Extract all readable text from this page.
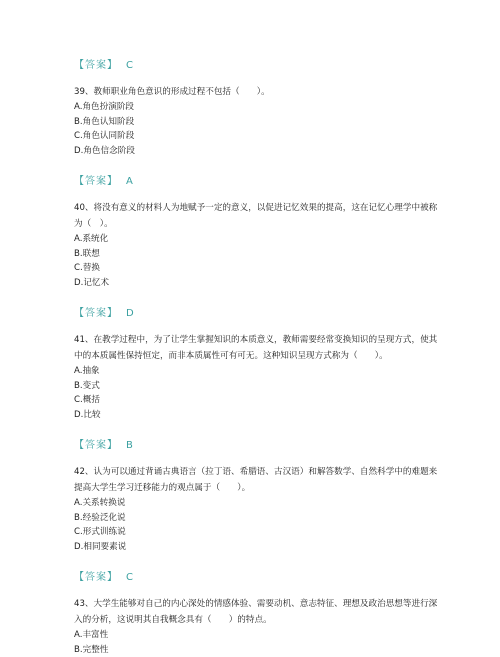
【答案】 C

39、教师职业角色意识的形成过程不包括（　　）。

A.角色扮演阶段

B.角色认知阶段

C.角色认同阶段

D.角色信念阶段

【答案】 A

40、将没有意义的材料人为地赋予一定的意义，以促进记忆效果的提高，这在记忆心理学中被称为（　）。

A.系统化

B.联想

C.替换

D.记忆术

【答案】 D

41、在教学过程中，为了让学生掌握知识的本质意义，教师需要经常变换知识的呈现方式，使其中的本质属性保持恒定，而非本质属性可有可无。这种知识呈现方式称为（　　）。

A.抽象

B.变式

C.概括

D.比较

【答案】 B

42、认为可以通过背诵古典语言（拉丁语、希腊语、古汉语）和解答数学、自然科学中的难题来提高大学生学习迁移能力的观点属于（　　）。

A.关系转换说

B.经验泛化说

C.形式训练说

D.相同要素说

【答案】 C

43、大学生能够对自己的内心深处的情感体验、需要动机、意志特征、理想及政治思想等进行深入的分析，这说明其自我概念具有（　　）的特点。

A.丰富性

B.完整性
